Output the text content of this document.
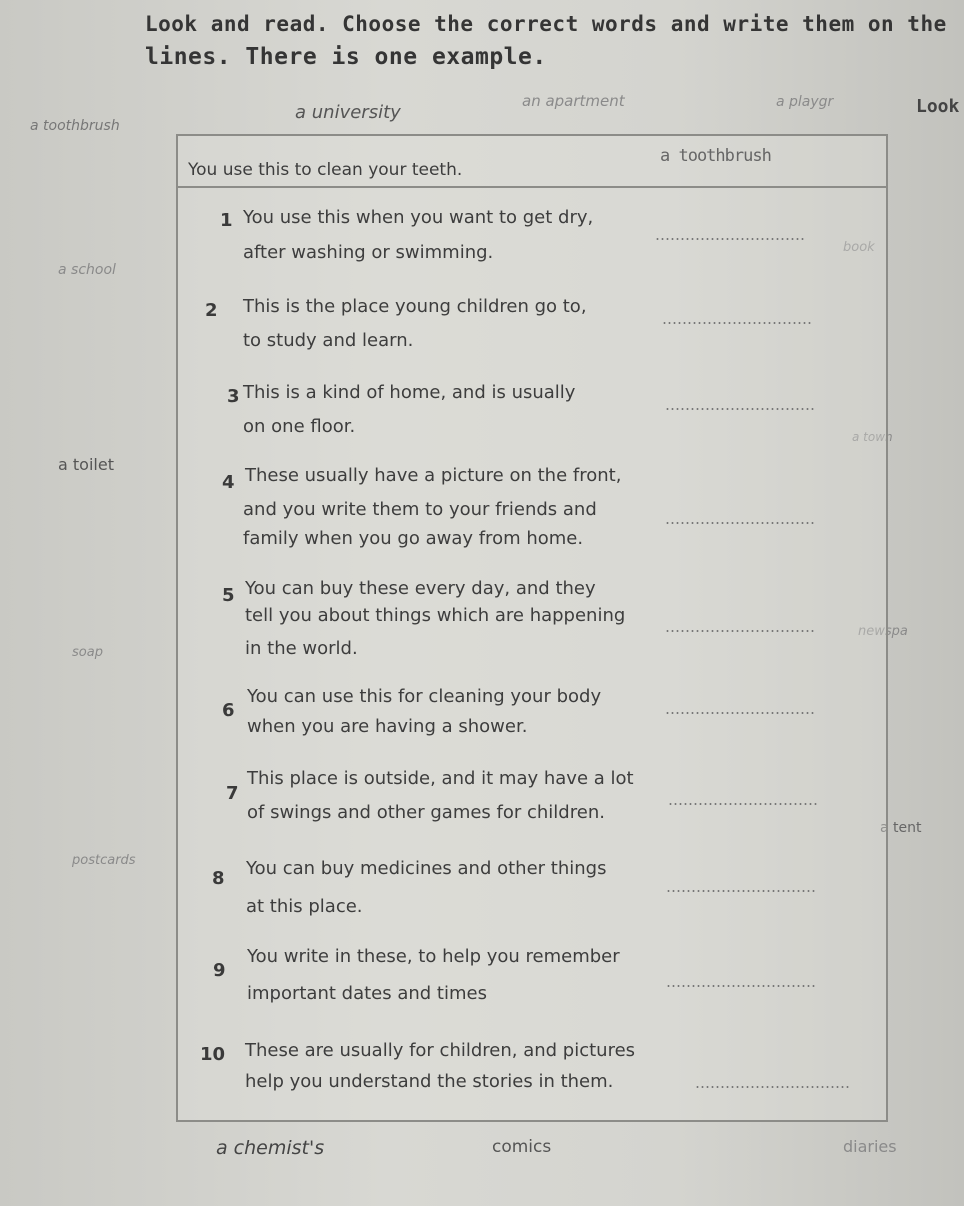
Look and read. Choose the correct words and write them on the
lines. There is one example.
a toothbrush
a university
an apartment	a playgr	Look
a school
a toilet
soap
postcards
book
a town
newspa
a tent
a chemist's	comics	diaries
You use this to clean your teeth.
a toothbrush
1 You use this when you want to get dry,
after washing or swimming.
2 This is the place young children go to,
to study and learn.
3 This is a kind of home, and is usually
on one floor.
4 These usually have a picture on the front,
and you write them to your friends and
family when you go away from home.
5 You can buy these every day, and they
tell you about things which are happening
in the world.
6
You can use this for cleaning your body
when you are having a shower.
7
This place is outside, and it may have a lot
of swings and other games for children.
8 You can buy medicines and other things
at this place.
9
You write in these, to help you remember
important dates and times
10 These are usually for children, and pictures
help you understand the stories in them.
